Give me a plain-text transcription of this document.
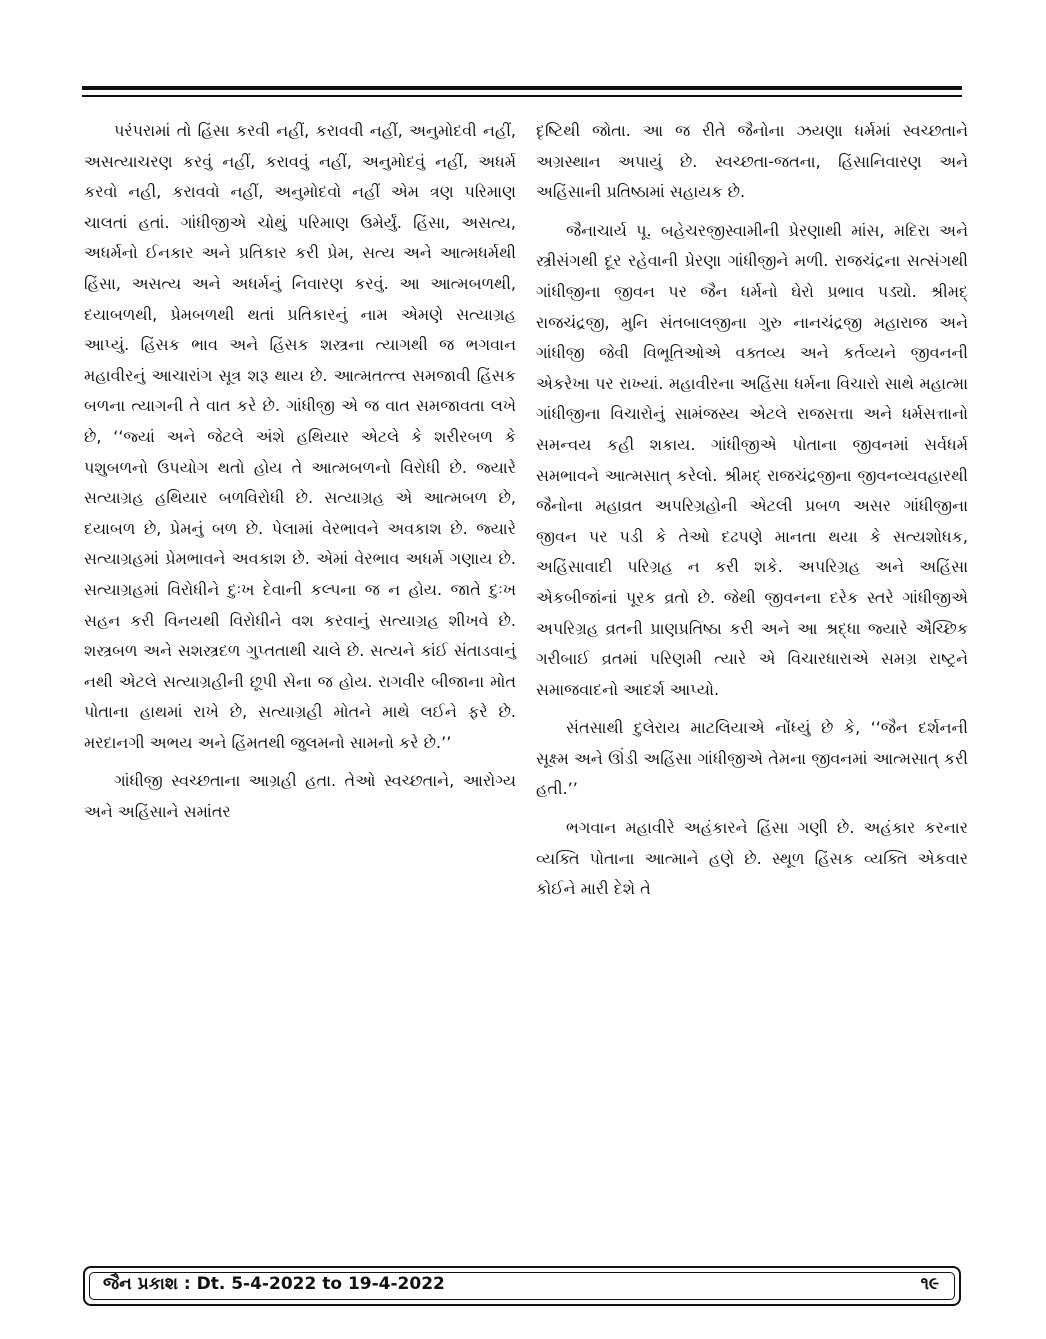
પરંપરામાં તો હિંસા કરવી નહીં, કરાવવી નહીં, અનુમોદવી નહીં, અસત્યાચરણ કરવું નહીં, કરાવવું નહીં, અનુમોદવું નહીં, અધર્મ કરવો નહી, કરાવવો નહીં, અનુમોદવો નહીં એમ ત્રણ પરિમાણ ચાલતાં હતાં. ગાંધીજીએ ચોથું પરિમાણ ઉમેર્યું. હિંસા, અસત્ય, અધર્મનો ઈનકાર અને પ્રતિકાર કરી પ્રેમ, સત્ય અને આત્મધર્મથી હિંસા, અસત્ય અને અધર્મનું નિવારણ કરવું. આ આત્મબળથી, દયાબળથી, પ્રેમબળથી થતાં પ્રતિકારનું નામ એમણે સત્યાગ્રહ આપ્યું. હિંસક ભાવ અને હિંસક શસ્ત્રના ત્યાગથી જ ભગવાન મહાવીરનું આચારાંગ સૂત્ર શરૂ થાય છે. આત્મતત્ત્વ સમજાવી હિંસક બળના ત્યાગની તે વાત કરે છે. ગાંધીજી એ જ વાત સમજાવતા લખે છે, ‘‘જ્યાં અને જેટલે અંશે હથિયાર એટલે કે શરીરબળ કે પશુબળનો ઉપયોગ થતો હોય તે આત્મબળનો વિરોધી છે. જ્યારે સત્યાગ્રહ હથિયાર બળવિરોધી છે. સત્યાગ્રહ એ આત્મબળ છે, દયાબળ છે, પ્રેમનું બળ છે. પેલામાં વેરભાવને અવકાશ છે. જ્યારે સત્યાગ્રહમાં પ્રેમભાવને અવકાશ છે. એમાં વેરભાવ અધર્મ ગણાય છે. સત્યાગ્રહમાં વિરોધીને દુઃખ દેવાની કલ્પના જ ન હોય. જાતે દુઃખ સહન કરી વિનયથી વિરોધીને વશ કરવાનું સત્યાગ્રહ શીખવે છે. શસ્ત્રબળ અને સશસ્ત્રદળ ગુપ્તતાથી ચાલે છે. સત્યને કાંઈ સંતાડવાનું નથી એટલે સત્યાગ્રહીની છૂપી સેના જ હોય. રાગવીર બીજાના મોત પોતાના હાથમાં રાખે છે, સત્યાગ્રહી મોતને માથે લઈને ફરે છે. મરદાનગી અભય અને હિંમતથી જુલમનો સામનો કરે છે.’’

ગાંધીજી સ્વચ્છતાના આગ્રહી હતા. તેઓ સ્વચ્છતાને, આરોગ્ય અને અહિંસાને સમાંતર

દૃષ્ટિથી જોતા. આ જ રીતે જૈનોના ઝયણા ધર્મમાં સ્વચ્છતાને અગ્રસ્થાન અપાયું છે. સ્વચ્છતા-જતના, હિંસાનિવારણ અને અહિંસાની પ્રતિષ્ઠામાં સહાયક છે.

જૈનાચાર્ય પૂ. બહેચરજીસ્વામીની પ્રેરણાથી માંસ, મદિરા અને સ્ત્રીસંગથી દૂર રહેવાની પ્રેરણા ગાંધીજીને મળી. રાજચંદ્રના સત્સંગથી ગાંધીજીના જીવન પર જૈન ધર્મનો ઘેરો પ્રભાવ પડ્યો. શ્રીમદ્ રાજચંદ્રજી, મુનિ સંતબાલજીના ગુરુ નાનચંદ્રજી મહારાજ અને ગાંધીજી જેવી વિભૂતિઓએ વક્તવ્ય અને કર્તવ્યને જીવનની એકરેખા પર રાખ્યાં. મહાવીરના અહિંસા ધર્મના વિચારો સાથે મહાત્મા ગાંધીજીના વિચારોનું સામંજસ્ય એટલે રાજસત્તા અને ધર્મસત્તાનો સમન્વય કહી શકાય. ગાંધીજીએ પોતાના જીવનમાં સર્વધર્મ સમભાવને આત્મસાત્ કરેલો. શ્રીમદ્ રાજચંદ્રજીના જીવનવ્યવહારથી જૈનોના મહાવ્રત અપરિગ્રહોની એટલી પ્રબળ અસર ગાંધીજીના જીવન પર પડી કે તેઓ દઢપણે માનતા થયા કે સત્યશોધક, અહિંસાવાદી પરિગ્રહ ન કરી શકે. અપરિગ્રહ અને અહિંસા એકબીજાંનાં પૂરક વ્રતો છે. જેથી જીવનના દરેક સ્તરે ગાંધીજીએ અપરિગ્રહ વ્રતની પ્રાણપ્રતિષ્ઠા કરી અને આ શ્રદ્ધા જ્યારે ઐચ્છિક ગરીબાઈ વ્રતમાં પરિણમી ત્યારે એ વિચારધારાએ સમગ્ર રાષ્ટ્રને સમાજવાદનો આદર્શ આપ્યો.

સંતસાથી દુલેરાય માટલિયાએ નોંધ્યું છે કે, ‘‘જૈન દર્શનની સૂક્ષ્મ અને ઊંડી અહિંસા ગાંધીજીએ તેમના જીવનમાં આત્મસાત્ કરી હતી.’’

ભગવાન મહાવીરે અહંકારને હિંસા ગણી છે. અહંકાર કરનાર વ્યક્તિ પોતાના આત્માને હણે છે. સ્થૂળ હિંસક વ્યક્તિ એકવાર કોઈને મારી દેશે તે

જૈન પ્રકાશ : Dt. 5-4-2022 to 19-4-2022	૧૯
